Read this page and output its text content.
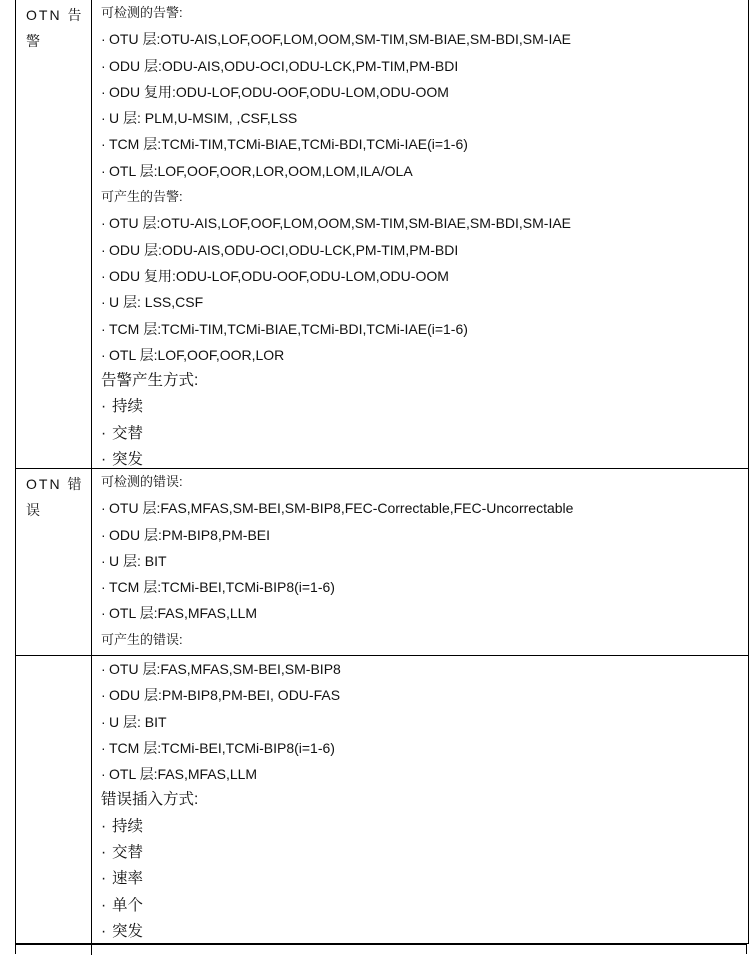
OTN 告
警
可检测的告警:
· OTU 层:OTU-AIS,LOF,OOF,LOM,OOM,SM-TIM,SM-BIAE,SM-BDI,SM-IAE
· ODU 层:ODU-AIS,ODU-OCI,ODU-LCK,PM-TIM,PM-BDI
· ODU 复用:ODU-LOF,ODU-OOF,ODU-LOM,ODU-OOM
· U 层: PLM,U-MSIM, ,CSF,LSS
· TCM 层:TCMi-TIM,TCMi-BIAE,TCMi-BDI,TCMi-IAE(i=1-6)
· OTL 层:LOF,OOF,OOR,LOR,OOM,LOM,ILA/OLA
可产生的告警:
· OTU 层:OTU-AIS,LOF,OOF,LOM,OOM,SM-TIM,SM-BIAE,SM-BDI,SM-IAE
· ODU 层:ODU-AIS,ODU-OCI,ODU-LCK,PM-TIM,PM-BDI
· ODU 复用:ODU-LOF,ODU-OOF,ODU-LOM,ODU-OOM
· U 层: LSS,CSF
· TCM 层:TCMi-TIM,TCMi-BIAE,TCMi-BDI,TCMi-IAE(i=1-6)
· OTL 层:LOF,OOF,OOR,LOR
告警产生方式:
· 持续
· 交替
· 突发
OTN 错
误
可检测的错误:
· OTU 层:FAS,MFAS,SM-BEI,SM-BIP8,FEC-Correctable,FEC-Uncorrectable
· ODU 层:PM-BIP8,PM-BEI
· U 层: BIT
· TCM 层:TCMi-BEI,TCMi-BIP8(i=1-6)
· OTL 层:FAS,MFAS,LLM
可产生的错误:
· OTU 层:FAS,MFAS,SM-BEI,SM-BIP8
· ODU 层:PM-BIP8,PM-BEI, ODU-FAS
· U 层: BIT
· TCM 层:TCMi-BEI,TCMi-BIP8(i=1-6)
· OTL 层:FAS,MFAS,LLM
错误插入方式:
· 持续
· 交替
· 速率
· 单个
· 突发
